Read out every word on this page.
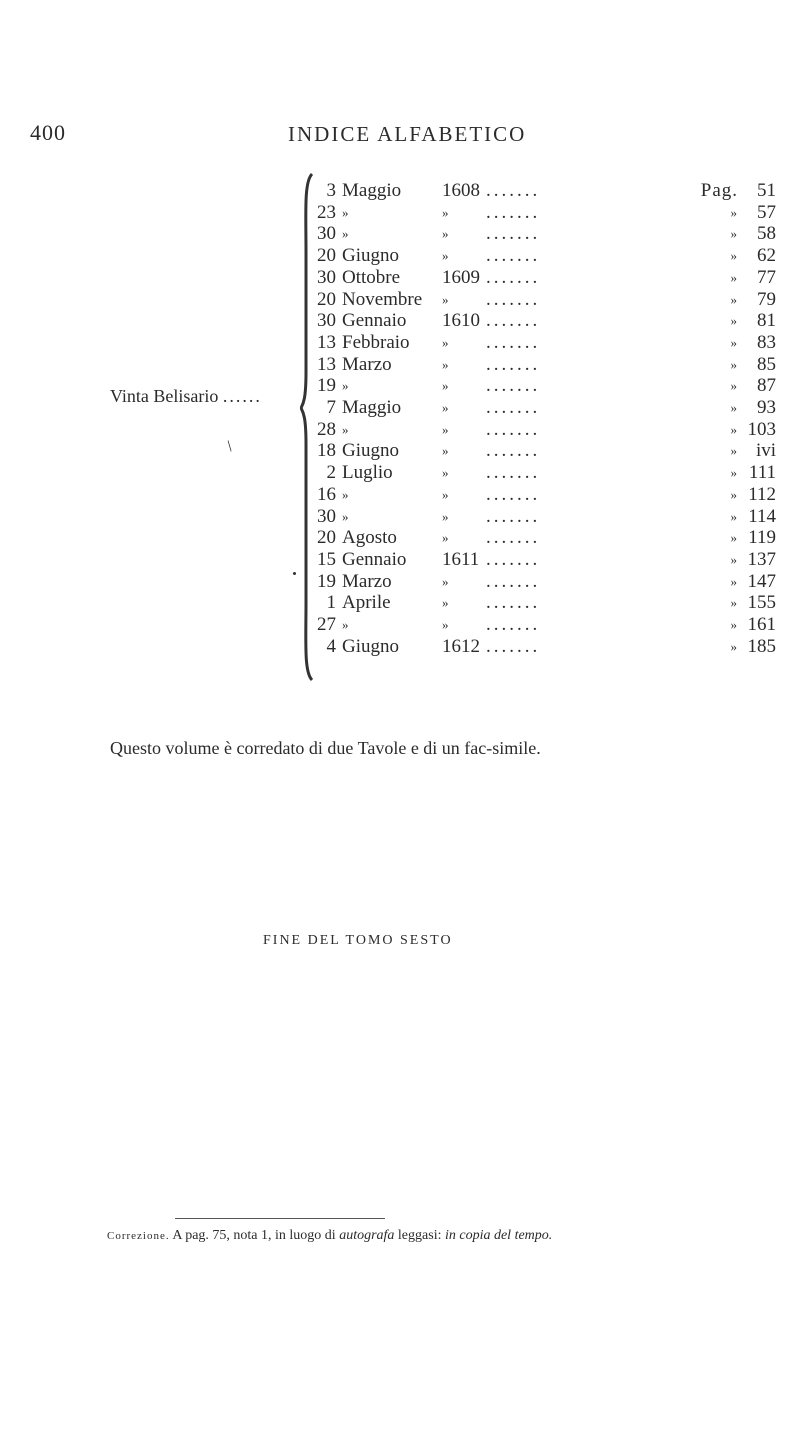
400	INDICE ALFABETICO
Vinta Belisario ......
/
3 Maggio 1608 .......	Pag.	51
23 »	» .......	»	57
30 »	» .......	»	58
20 Giugno	» .......	»	62
30 Ottobre 1609 .......	»	77
20 Novembre » .......	»	79
30 Gennaio 1610 .......	»	81
13 Febbraio » .......	»	83
13 Marzo	» .......	»	85
19 »	» .......	»	87
7 Maggio	» .......	»	93
28 »	» .......	» 103
18 Giugno	» .......	» ivi
2 Luglio	» .......	» 111
16 »	» .......	» 112
30 »	» .......	» 114
20 Agosto	» .......	» 119
15 Gennaio 1611 .......	» 137
19 Marzo	» .......	» 147
1 Aprile	» .......	» 155
27 »	» .......	» 161
4 Giugno 1612 .......	» 185
Questo volume è corredato di due Tavole e di un fac-simile.
FINE DEL TOMO SESTO
Correzione. A pag. 75, nota 1, in luogo di autografa leggasi: in copia del tempo.
